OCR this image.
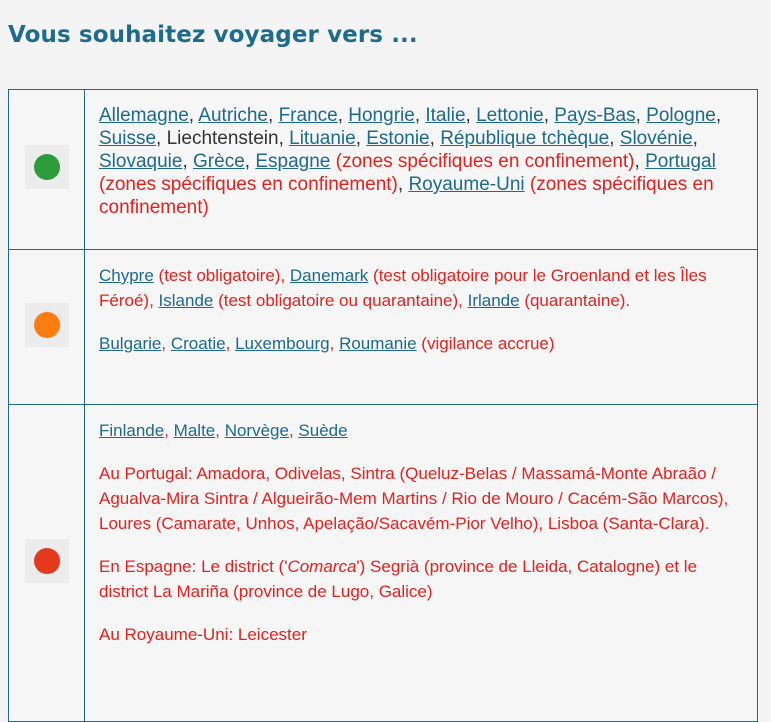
Vous souhaitez voyager vers ...
	Allemagne, Autriche, France, Hongrie, Italie, Lettonie, Pays-Bas, Pologne, Suisse, Liechtenstein, Lituanie, Estonie, République tchèque, Slovénie, Slovaquie, Grèce, Espagne (zones spécifiques en confinement), Portugal (zones spécifiques en confinement), Royaume-Uni (zones spécifiques en confinement)

	Chypre (test obligatoire), Danemark (test obligatoire pour le Groenland et les Îles Féroé), Islande (test obligatoire ou quarantaine), Irlande (quarantaine).

Bulgarie, Croatie, Luxembourg, Roumanie (vigilance accrue)

	Finlande, Malte, Norvège, Suède

Au Portugal: Amadora, Odivelas, Sintra (Queluz-Belas / Massamá-Monte Abraão / Agualva-Mira Sintra / Algueirão-Mem Martins / Rio de Mouro / Cacém-São Marcos), Loures (Camarate, Unhos, Apelação/Sacavém-Pior Velho), Lisboa (Santa-Clara).

En Espagne: Le district ('Comarca') Segrià (province de Lleida, Catalogne) et le district La Mariña (province de Lugo, Galice)

Au Royaume-Uni: Leicester
